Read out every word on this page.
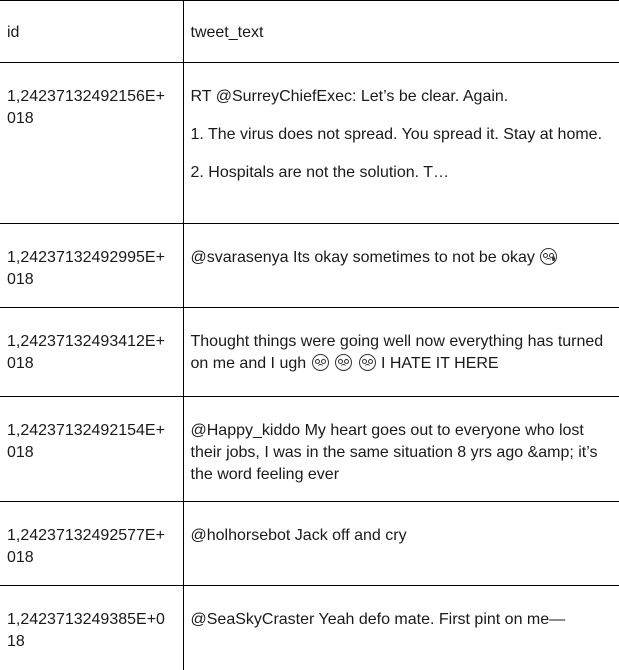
id	tweet_text
1,24237132492156E+018	RT @SurreyChiefExec: Let’s be clear. Again.
1. The virus does not spread. You spread it. Stay at home.
2. Hospitals are not the solution. T…

1,24237132492995E+018	@svarasenya Its okay sometimes to not be okay

1,24237132493412E+018	Thought things were going well now everything has turned on me and I ugh

I HATE IT HERE
1,24237132492154E+018	@Happy_kiddo My heart goes out to everyone who lost their jobs, I was in the same situation 8 yrs ago &amp; it’s the word feeling ever
1,24237132492577E+018	@holhorsebot Jack off and cry
1,2423713249385E+018	@SeaSkyCraster Yeah defo mate. First pint on me—
